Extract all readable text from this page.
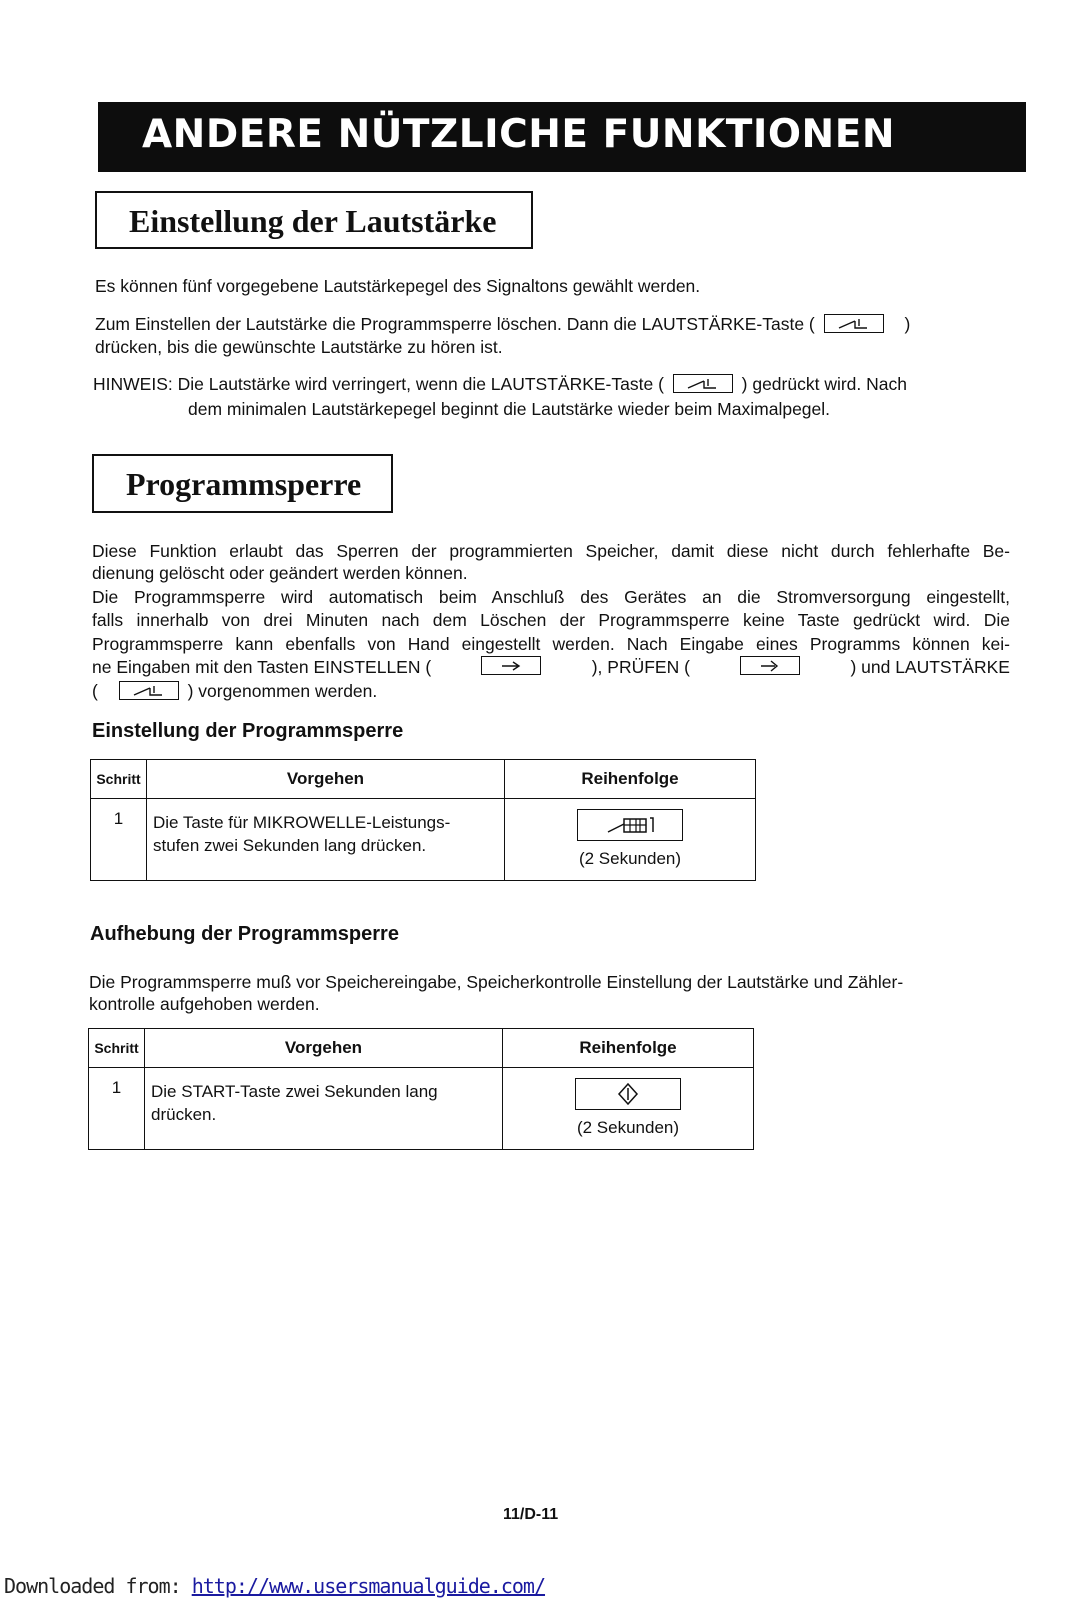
ANDERE NÜTZLICHE FUNKTIONEN
Einstellung der Lautstärke
Es können fünf vorgegebene Lautstärkepegel des Signaltons gewählt werden.
Zum Einstellen der Lautstärke die Programmsperre löschen. Dann die LAUTSTÄRKE-Taste (	)
drücken, bis die gewünschte Lautstärke zu hören ist.
HINWEIS: Die Lautstärke wird verringert, wenn die LAUTSTÄRKE-Taste (	) gedrückt wird. Nach
dem minimalen Lautstärkepegel beginnt die Lautstärke wieder beim Maximalpegel.
Programmsperre
Diese Funktion erlaubt das Sperren der programmierten Speicher, damit diese nicht durch fehlerhafte Be-
dienung gelöscht oder geändert werden können.
Die Programmsperre wird automatisch beim Anschluß des Gerätes an die Stromversorgung eingestellt,
falls innerhalb von drei Minuten nach dem Löschen der Programmsperre keine Taste gedrückt wird. Die
Programmsperre kann ebenfalls von Hand eingestellt werden. Nach Eingabe eines Programms können kei-
ne Eingaben mit den Tasten EINSTELLEN (	), PRÜFEN (	) und LAUTSTÄRKE
(	) vorgenommen werden.
Einstellung der Programmsperre
Schritt	Vorgehen	Reihenfolge
1	Die Taste für MIKROWELLE-Leistungs- stufen zwei Sekunden lang drücken.	(2 Sekunden)
Aufhebung der Programmsperre
Die Programmsperre muß vor Speichereingabe, Speicherkontrolle Einstellung der Lautstärke und Zähler-
kontrolle aufgehoben werden.
Schritt	Vorgehen	Reihenfolge
1	Die START-Taste zwei Sekunden lang drücken.	(2 Sekunden)
11/D-11
Downloaded from: http://www.usersmanualguide.com/
